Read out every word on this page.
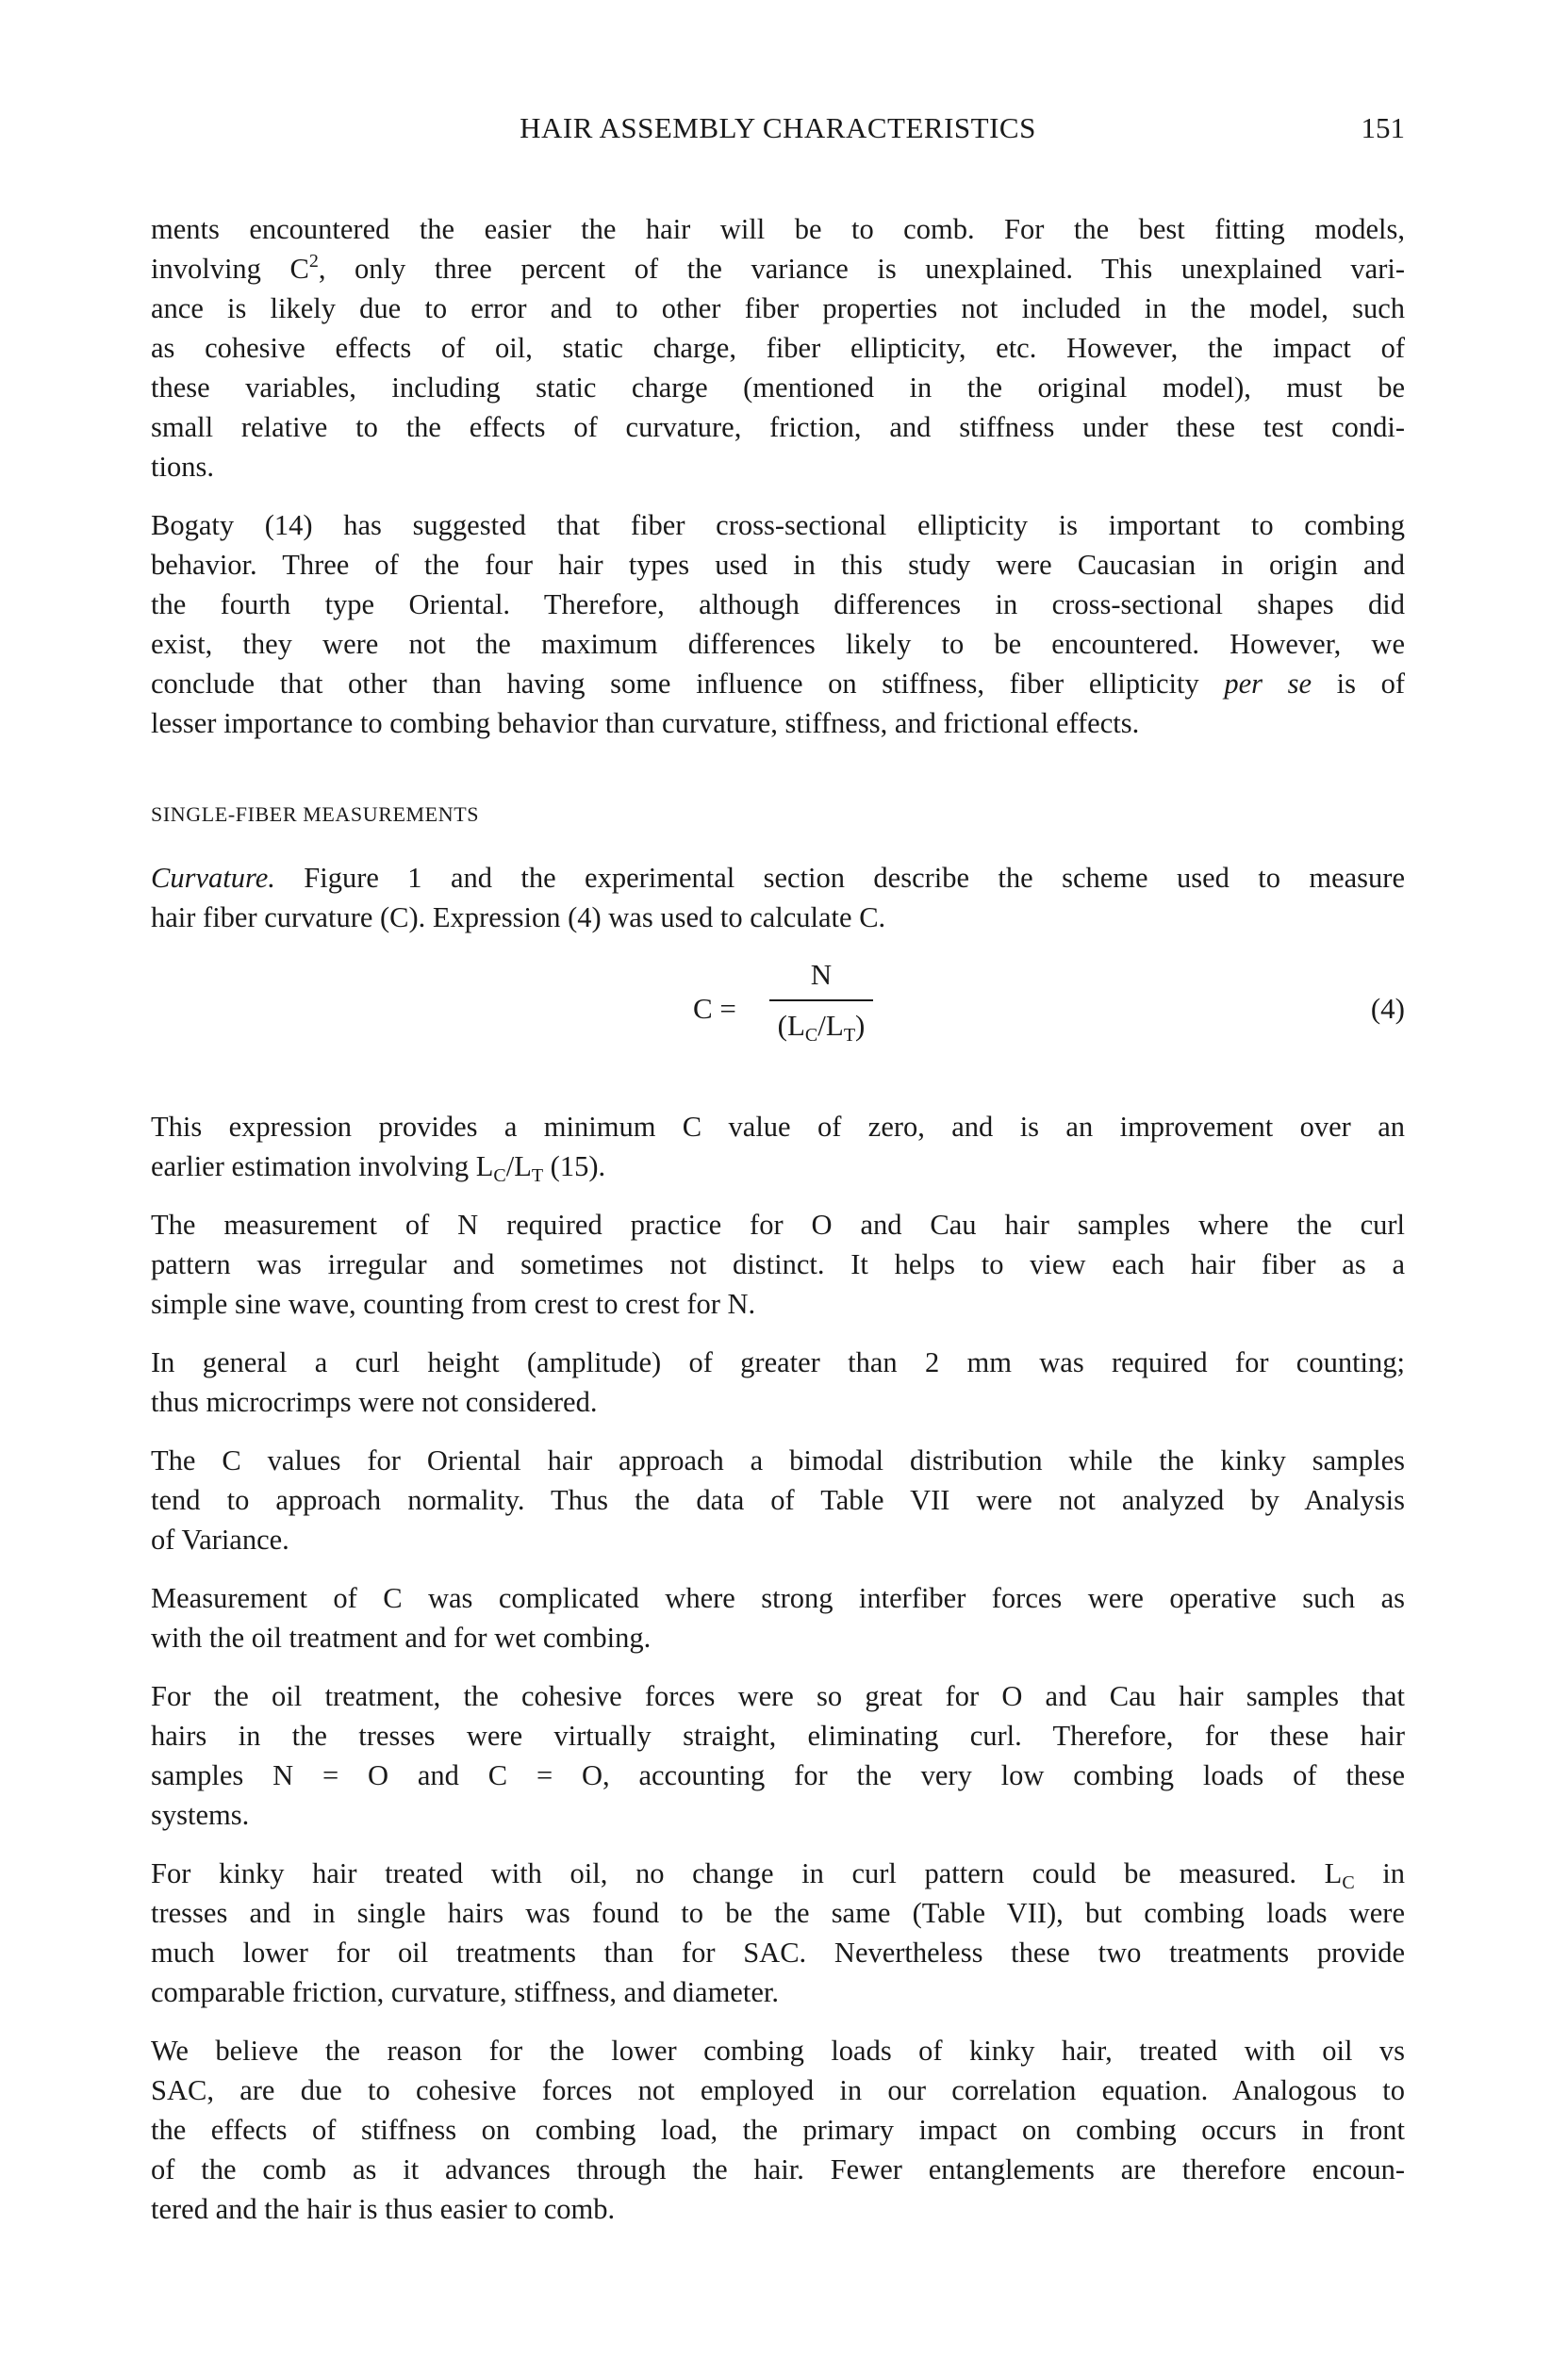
HAIR ASSEMBLY CHARACTERISTICS	151
ments encountered the easier the hair will be to comb. For the best fitting models,
involving $C^2$, only three percent of the variance is unexplained. This unexplained vari-
ance is likely due to error and to other fiber properties not included in the model, such
as cohesive effects of oil, static charge, fiber ellipticity, etc. However, the impact of
these variables, including static charge (mentioned in the original model), must be
small relative to the effects of curvature, friction, and stiffness under these test condi-
tions.
Bogaty (14) has suggested that fiber cross-sectional ellipticity is important to combing
behavior. Three of the four hair types used in this study were Caucasian in origin and
the fourth type Oriental. Therefore, although differences in cross-sectional shapes did
exist, they were not the maximum differences likely to be encountered. However, we
conclude that other than having some influence on stiffness, fiber ellipticity per se is of
lesser importance to combing behavior than curvature, stiffness, and frictional effects.
SINGLE-FIBER MEASUREMENTS
Curvature. Figure 1 and the experimental section describe the scheme used to measure
hair fiber curvature (C). Expression (4) was used to calculate C.
C =
N
$(L_C/L_T)$
(4)
This expression provides a minimum C value of zero, and is an improvement over an
earlier estimation involving $L_C/L_T$ (15).
The measurement of N required practice for O and Cau hair samples where the curl
pattern was irregular and sometimes not distinct. It helps to view each hair fiber as a
simple sine wave, counting from crest to crest for N.
In general a curl height (amplitude) of greater than 2 mm was required for counting;
thus microcrimps were not considered.
The C values for Oriental hair approach a bimodal distribution while the kinky samples
tend to approach normality. Thus the data of Table VII were not analyzed by Analysis
of Variance.
Measurement of C was complicated where strong interfiber forces were operative such as
with the oil treatment and for wet combing.
For the oil treatment, the cohesive forces were so great for O and Cau hair samples that
hairs in the tresses were virtually straight, eliminating curl. Therefore, for these hair
samples N = O and C = O, accounting for the very low combing loads of these
systems.
For kinky hair treated with oil, no change in curl pattern could be measured. $L_C$ in
tresses and in single hairs was found to be the same (Table VII), but combing loads were
much lower for oil treatments than for SAC. Nevertheless these two treatments provide
comparable friction, curvature, stiffness, and diameter.
We believe the reason for the lower combing loads of kinky hair, treated with oil vs
SAC, are due to cohesive forces not employed in our correlation equation. Analogous to
the effects of stiffness on combing load, the primary impact on combing occurs in front
of the comb as it advances through the hair. Fewer entanglements are therefore encoun-
tered and the hair is thus easier to comb.
